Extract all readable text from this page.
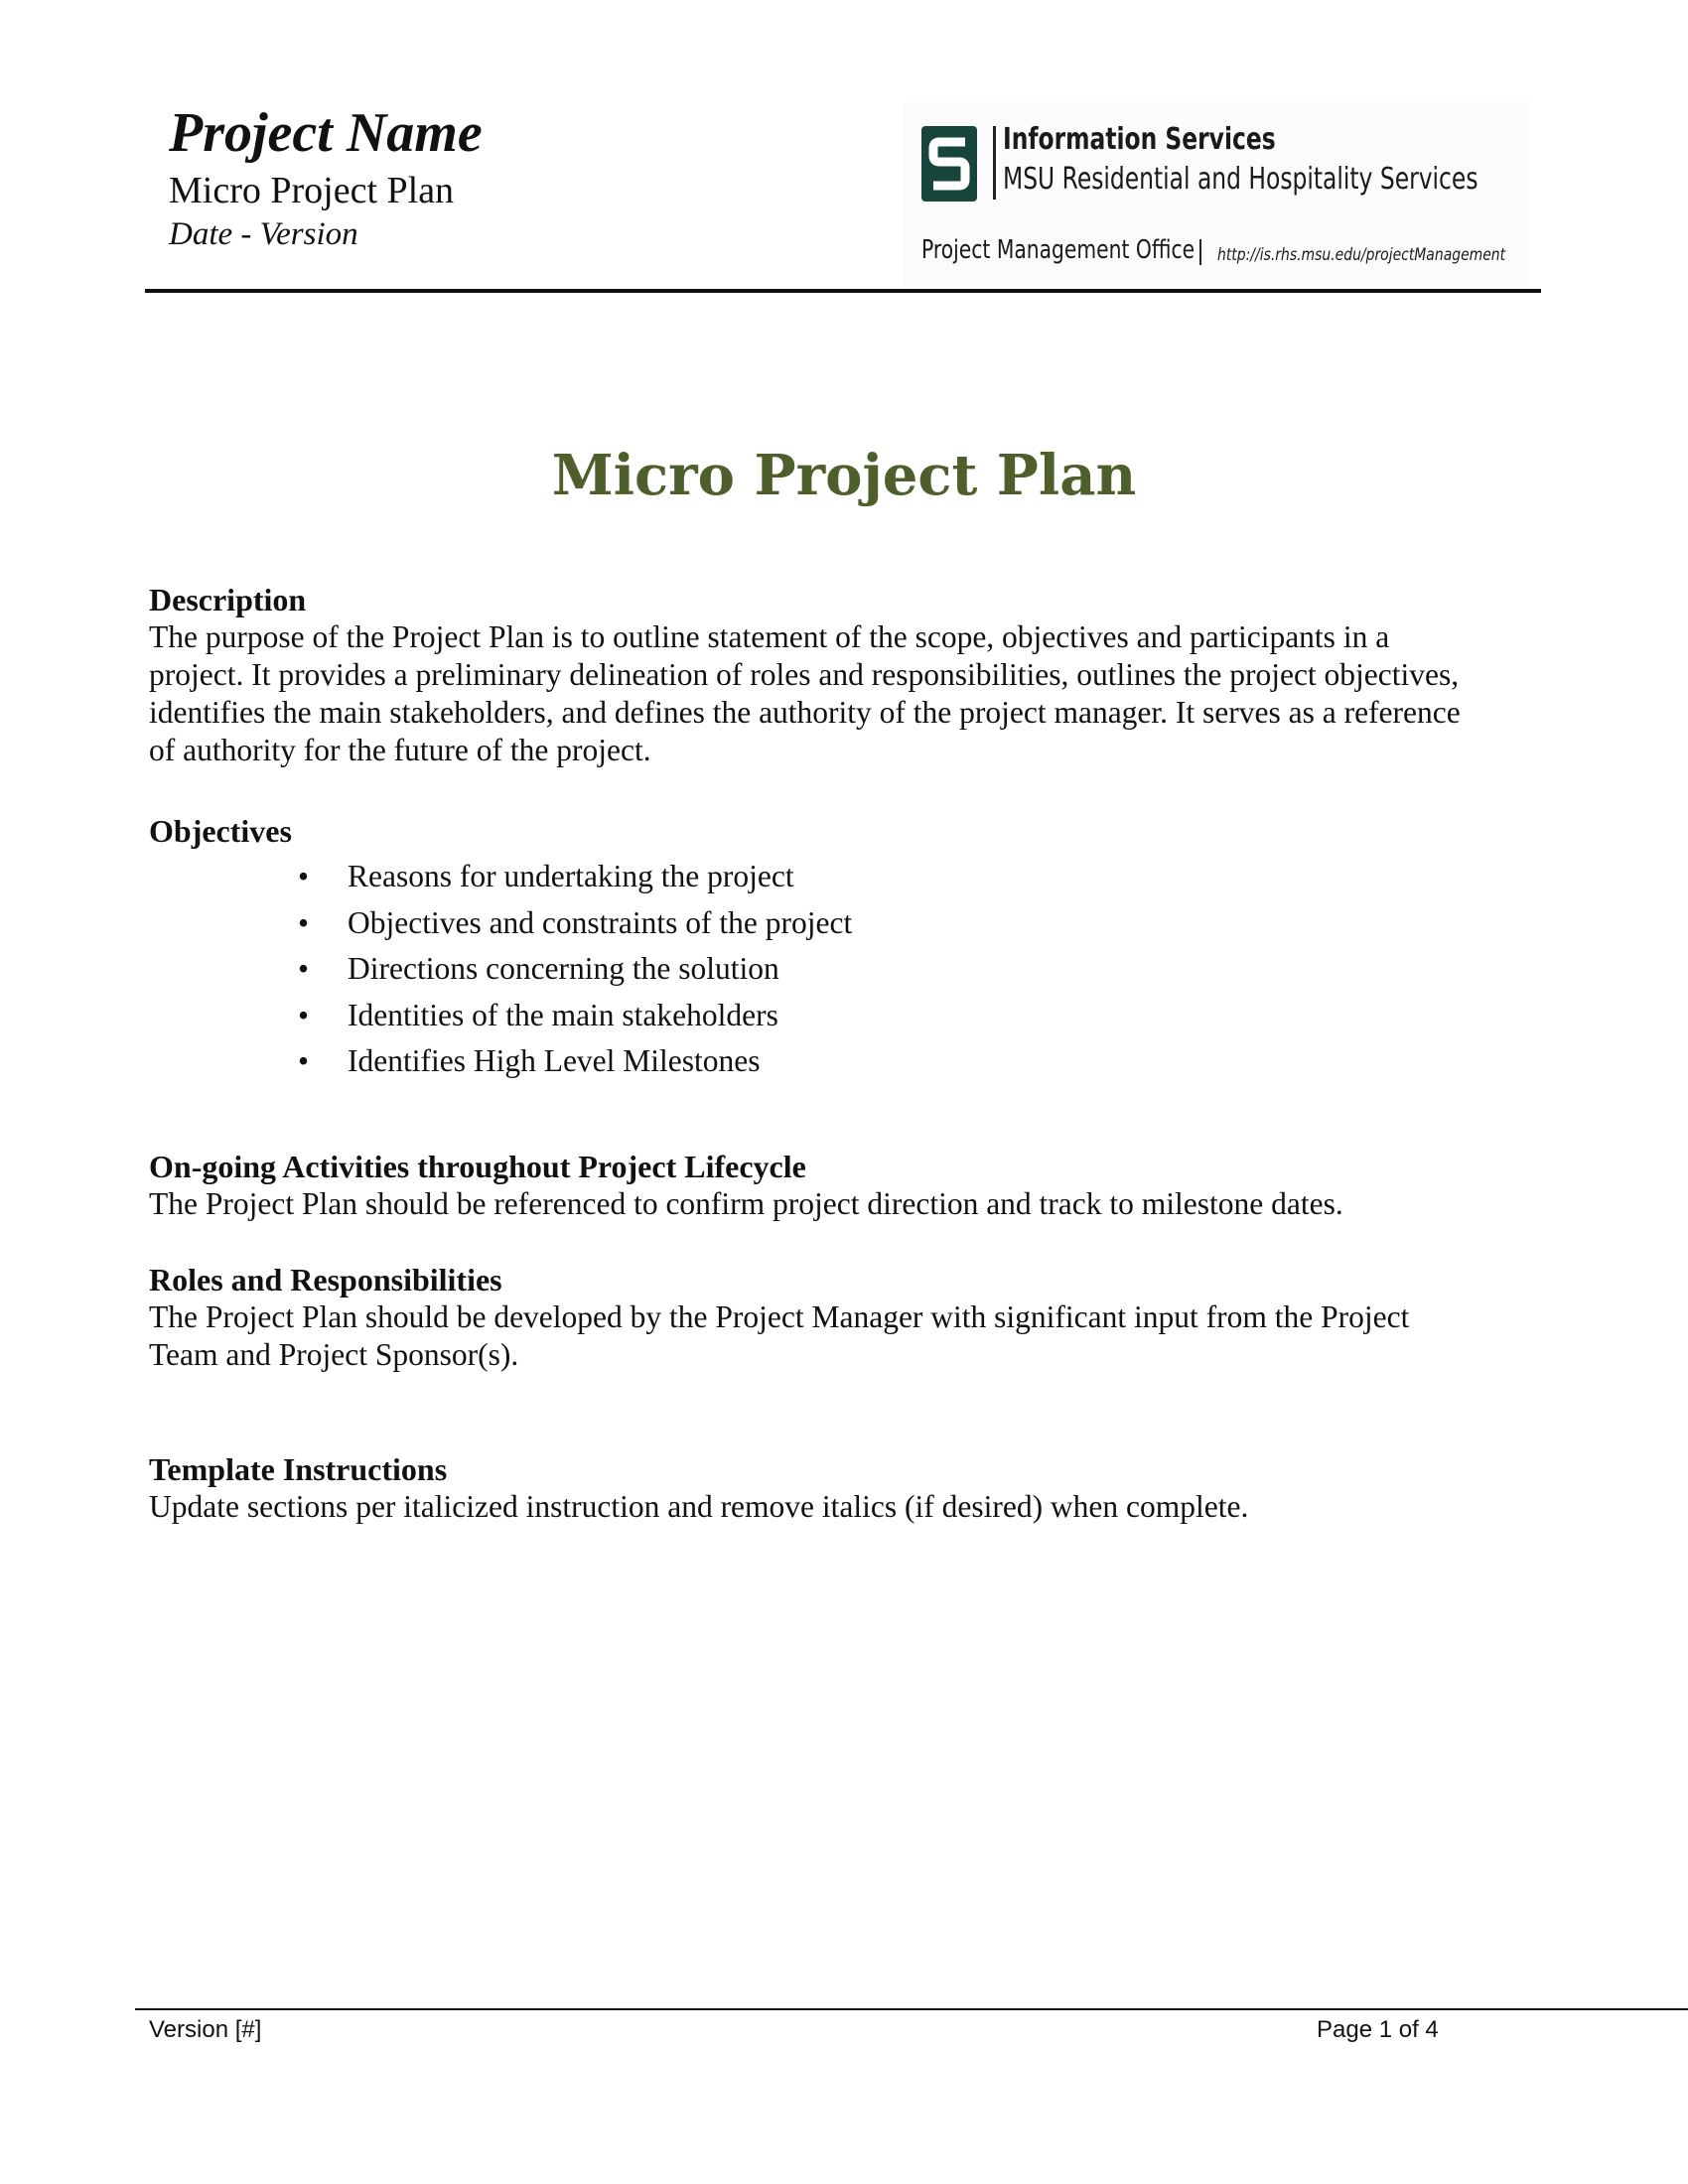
Project Name
Micro Project Plan
Date - Version
Information Services
MSU Residential and Hospitality Services
Project Management Office http://is.rhs.msu.edu/projectManagement
Micro Project Plan
Description
The purpose of the Project Plan is to outline statement of the scope, objectives and participants in a
project. It provides a preliminary delineation of roles and responsibilities, outlines the project objectives,
identifies the main stakeholders, and defines the authority of the project manager. It serves as a reference
of authority for the future of the project.
Objectives
• Reasons for undertaking the project
• Objectives and constraints of the project
• Directions concerning the solution
• Identities of the main stakeholders
• Identifies High Level Milestones
On-going Activities throughout Project Lifecycle
The Project Plan should be referenced to confirm project direction and track to milestone dates.
Roles and Responsibilities
The Project Plan should be developed by the Project Manager with significant input from the Project
Team and Project Sponsor(s).
Template Instructions
Update sections per italicized instruction and remove italics (if desired) when complete.
Version [#]	Page 1 of 4
